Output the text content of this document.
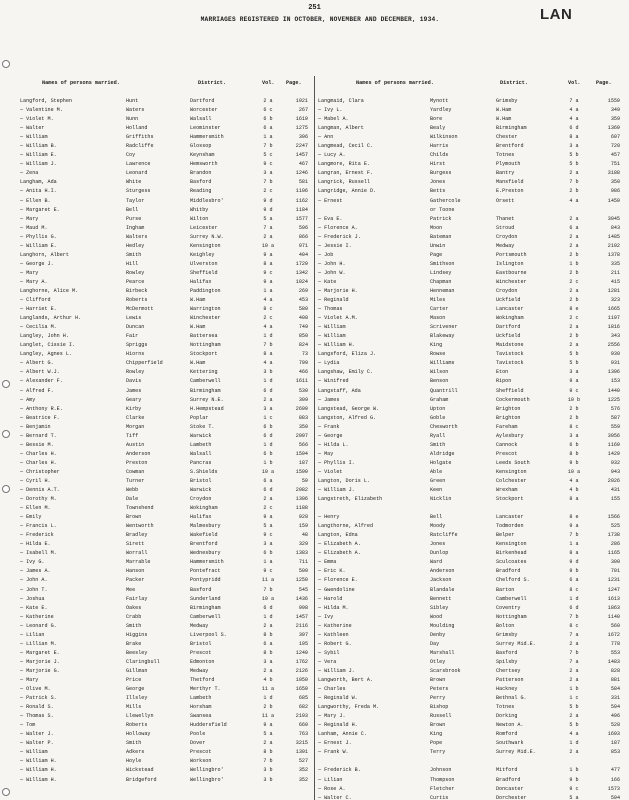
251
MARRIAGES REGISTERED IN OCTOBER, NOVEMBER AND DECEMBER, 1934.	LAN
Names of persons married.	District.	Vol. Page.
Langford, Stephen	Hunt	Dartford	2 a	1921
— Valentine M.	Waters	Worcester	6 c	267
— Violet M.	Nunn	Walsall	6 b	1619
— Walter	Holland	Leominster	6 a	1275
— William	Griffiths	Hammersmith	1 a	396
— William B.	Radcliffe	Glossop	7 b	2247
— William E.	Coy	Keynsham	5 c	1457
— William J.	Lawrence	Hemsworth	9 c	467
— Zena	Leonard	Brandon	3 a	1246
Langham, Ada	White	Basford	7 b	581
— Anita H.I.	Sturgess	Reading	2 c	1106
— Ellen B.	Taylor	Middlesbro'	9 d	1162
— Margaret E.	Bell	Whitby	9 d	1184
— Mary	Purse	Wilton	5 a	1577
— Maud M.	Ingham	Leicester	7 a	596
— Phyllis G.	Walters	Surrey N.W.	2 a	866
— William E.	Hedley	Kensington	10 a	971
Langhorn, Albert	Smith	Keighley	9 a	404
— George J.	Hill	Ulverston	8 a	1729
— Mary	Rowley	Sheffield	9 c	1342
— Mary A.	Pearce	Halifax	9 a	1024
Langhorne, Alice M.	Birbeck	Paddington	1 a	269
— Clifford	Roberts	W.Ham	4 a	453
— Harriet E.	McDermott	Warrington	8 c	580
Langlands, Arthur H.	Lewis	Winchester	2 c	408
— Cecilia M.	Duncan	W.Ham	4 a	749
Langley, John H.	Fair	Battersea	1 d	850
Langlet, Cissie I.	Spriggs	Nottingham	7 b	824
Langley, Agnes L.	Hiorns	Stockport	8 a	73
— Albert G.	Chipperfield	W.Ham	4 a	799
— Albert W.J.	Rowley	Kettering	3 b	466
— Alexander F.	Davis	Camberwell	1 d	1611
— Alfred F.	James	Birmingham	6 d	530
— Amy	Geary	Surrey N.E.	2 a	309
— Anthony R.E.	Kirby	H.Hempstead	3 a	2699
— Beatrice F.	Clarke	Poplar	1 c	883
— Benjamin	Morgan	Stoke T.	6 b	350
— Bernard T.	Tiff	Warwick	6 d	2097
— Bessie M.	Austin	Lambeth	1 d	566
— Charles H.	Anderson	Walsall	6 b	1594
— Charles H.	Preston	Pancras	1 b	187
— Christopher	Cowman	S.Shields	10 a	1599
— Cyril H.	Turner	Bristol	6 a	59
— Dennis A.T.	Webb	Warwick	6 d	2082
— Dorothy M.	Dale	Croydon	2 a	1306
— Ellen M.	Townshend	Wokingham	2 c	1188
— Emily	Brown	Halifax	9 a	928
— Francis L.	Wentworth	Malmesbury	5 a	159
— Frederick	Bradley	Wakefield	9 c	48
— Hilda E.	Sirett	Brentford	3 a	329
— Isabell M.	Worrall	Wednesbury	6 b	1383
— Ivy G.	Marrable	Hammersmith	1 a	711
— James A.	Hanson	Pontefract	9 c	500
— John A.	Packer	Pontypridd	11 a	1250
— John T.	Mee	Basford	7 b	545
— Joshua	Fairlay	Sunderland	10 a	1436
— Kate E.	Oakes	Birmingham	6 d	998
— Katherine	Crabb	Camberwell	1 d	1457
— Leonard G.	Smith	Medway	2 a	2116
— Lilian	Higgins	Liverpool S.	8 b	397
— Lillian M.	Brake	Bristol	6 a	195
— Margaret E.	Beesley	Prescot	8 b	1249
— Marjorie J.	Claringbull	Edmonton	3 a	1762
— Marjorie G.	Gillman	Medway	2 a	2126
— Mary	Price	Thetford	4 b	1050
— Olive M.	George	Merthyr T.	11 a	1659
— Patrick S.	Illsley	Lambeth	1 d	685
— Ronald S.	Mills	Horsham	2 b	682
— Thomas S.	Llewellyn	Swansea	11 a	2193
— Tom	Roberts	Huddersfield	9 a	660
— Walter J.	Holloway	Poole	5 a	763
— Walter P.	Smith	Dover	2 a	3215
— William	Adkers	Prescot	8 b	1391
— William H.	Hoyle	Workson	7 b	527
— William H.	Wickstead	Wellingbro'	3 b	352
— William H.	Bridgeford	Wellingbro'	3 b	352
Names of persons married.	District.	Vol.	Page.
Langmaid, Clara	Mynott	Grimsby	7 a	1559
— Ivy L.	Yardley	W.Ham	4 a	349
— Mabel A.	Bore	W.Ham	4 a	359
Langman, Albert	Bealy	Birmingham	6 d	1369
— Ann	Wilkinson	Chester	8 a	607
Langmead, Cecil C.	Harris	Brentford	3 a	720
— Lucy A.	Childs	Totnes	5 b	457
Langmore, Rita E.	Hirst	Plymouth	5 b	751
Langran, Ernest F.	Burgess	Bantry	2 a	3188
Langrick, Russell	Jones	Mansfield	7 b	350
Langridge, Annie D.	Betts	E.Preston	2 b	986
— Ernest	Gathercole	Orsett	4 a	1459
or Toone
— Eva E.	Patrick	Thanet	2 a	3045
— Florence A.	Moon	Stroud	6 a	843
— Frederick J.	Bateman	Croydon	2 a	1485
— Jessie I.	Unwin	Medway	2 a	2102
— Job	Page	Portsmouth	2 b	1378
— John H.	Smithson	Islington	1 b	335
— John W.	Lindsey	Eastbourne	2 b	211
— Kate	Chapman	Winchester	2 c	415
— Marjorie H.	Henneman	Croydon	2 a	1281
— Reginald	Miles	Uckfield	2 b	323
— Thomas	Carter	Lancaster	8 e	1665
— Violet A.M.	Mason	Wokingham	2 c	1197
— William	Scrivener	Dartford	2 a	1816
— William	Blakeway	Uckfield	2 b	343
— William H.	King	Maidstone	2 a	2556
Langsford, Eliza J.	Rowse	Tavistock	5 b	930
— Lydia	Williams	Tavistock	5 b	931
Langshaw, Emily C.	Wilson	Eton	3 a	1396
— Winifred	Benson	Ripon	9 a	153
Langstaff, Ada	Quantrill	Sheffield	9 c	1440
— James	Graham	Cockermouth	10 b	1225
Langstead, George W.	Upton	Brighton	2 b	576
Langston, Alfred G.	Goble	Brighton	2 b	587
— Frank	Chesworth	Fareham	8 c	559
— George	Ryall	Aylesbury	3 a	3056
— Hilda L.	Smith	Cannock	6 b	1169
— May	Aldridge	Prescot	8 b	1429
— Phyllis I.	Holgate	Leeds South	9 b	932
— Violet	Able	Kensington	10 a	943
Langton, Doris L.	Green	Colchester	4 a	2026
— William J.	Keen	Wrexham	4 b	431
Langstreth, Elizabeth	Nicklin	Stockport	8 a	155
— Henry	Bell	Lancaster	8 e	1566
Langthorne, Alfred	Moody	Todmorden	9 a	525
Langton, Edna	Ratcliffe	Belper	7 b	1738
— Elizabeth A.	Jones	Kensington	1 a	286
— Elizabeth A.	Dunlop	Birkenhead	8 a	1165
— Emma	Ward	Sculcoates	9 d	300
— Eric K.	Anderson	Bradford	9 b	701
— Florence E.	Jackson	Chelford S.	6 a	1231
— Gwendoline	Blandale	Barton	8 c	1247
— Harold	Bennett	Camberwell	1 d	1613
— Hilda M.	Sibley	Coventry	6 d	1863
— Ivy	Wood	Nottingham	7 b	1140
— Katherine	Moulding	Bolton	8 c	560
— Kathleen	Denby	Grimsby	7 a	1672
— Robert G.	Day	Surrey Mid.E.	2 a	778
— Sybil	Marshall	Basford	7 b	553
— Vera	Otley	Spilsby	7 a	1483
— William J.	Scarsbrook	Chertsey	2 a	828
Langworth, Bert A.	Brown	Patterson	2 a	881
— Charles	Peters	Hackney	1 b	584
— Reginald W.	Perry	Bethnal G.	1 c	331
Langworthy, Freda M.	Bishop	Totnes	5 b	594
— Mary J.	Russell	Dorking	2 a	496
— Reginald H.	Brown	Newton A.	5 b	528
Lanham, Annie C.	King	Romford	4 a	1693
— Ernest J.	Pope	Southwark	1 d	187
— Frank W.	Terry	Surrey Mid.E.	2 a	853
— Frederick B.	Johnson	Mitford	1 b	477
— Lilian	Thompson	Bradford	9 b	166
— Rose A.	Fletcher	Doncaster	9 c	1573
— Walter C.	Curtis	Dorchester	5 a	594
